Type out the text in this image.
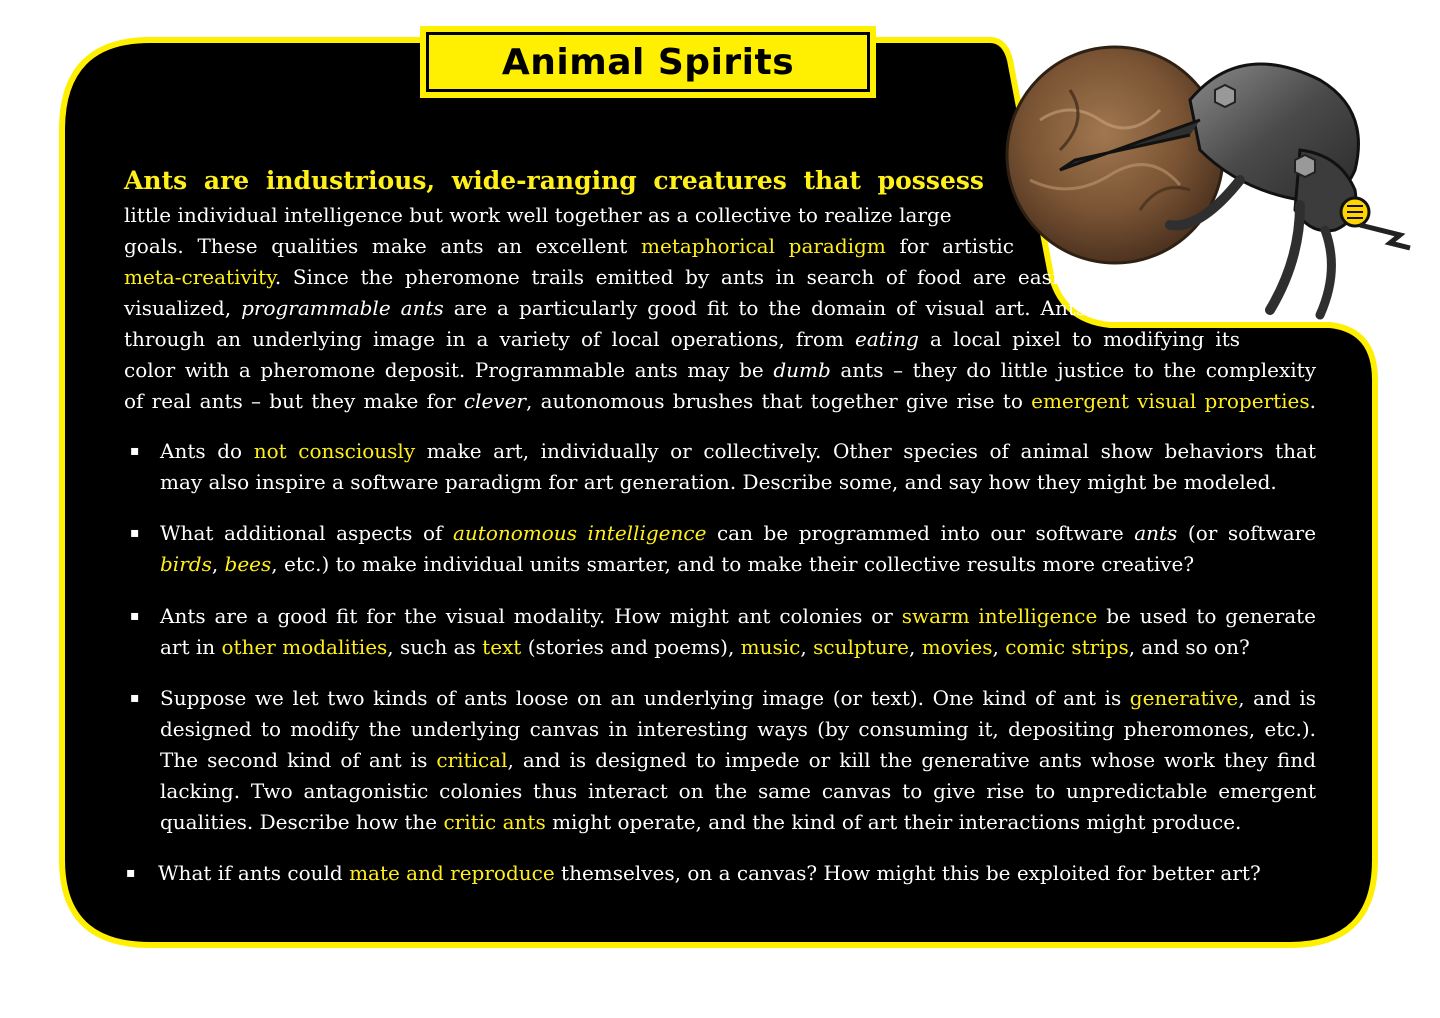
Animal Spirits
Ants are industrious, wide-ranging creatures that possess
little individual intelligence but work well together as a collective to realize large
goals. These qualities make ants an excellent metaphorical paradigm for artistic
meta-creativity. Since the pheromone trails emitted by ants in search of food are easily
visualized, programmable ants are a particularly good fit to the domain of visual art. Ants can interact
through an underlying image in a variety of local operations, from eating a local pixel to modifying its
color with a pheromone deposit. Programmable ants may be dumb ants – they do little justice to the complexity
of real ants – but they make for clever, autonomous brushes that together give rise to emergent visual properties.
▪ Ants do not consciously make art, individually or collectively. Other species of animal show behaviors that
may also inspire a software paradigm for art generation. Describe some, and say how they might be modeled.
▪ What additional aspects of autonomous intelligence can be programmed into our software ants (or software
birds, bees, etc.) to make individual units smarter, and to make their collective results more creative?
▪ Ants are a good fit for the visual modality. How might ant colonies or swarm intelligence be used to generate
art in other modalities, such as text (stories and poems), music, sculpture, movies, comic strips, and so on?
▪ Suppose we let two kinds of ants loose on an underlying image (or text). One kind of ant is generative, and is
designed to modify the underlying canvas in interesting ways (by consuming it, depositing pheromones, etc.).
The second kind of ant is critical, and is designed to impede or kill the generative ants whose work they find
lacking. Two antagonistic colonies thus interact on the same canvas to give rise to unpredictable emergent
qualities. Describe how the critic ants might operate, and the kind of art their interactions might produce.
▪ What if ants could mate and reproduce themselves, on a canvas? How might this be exploited for better art?
